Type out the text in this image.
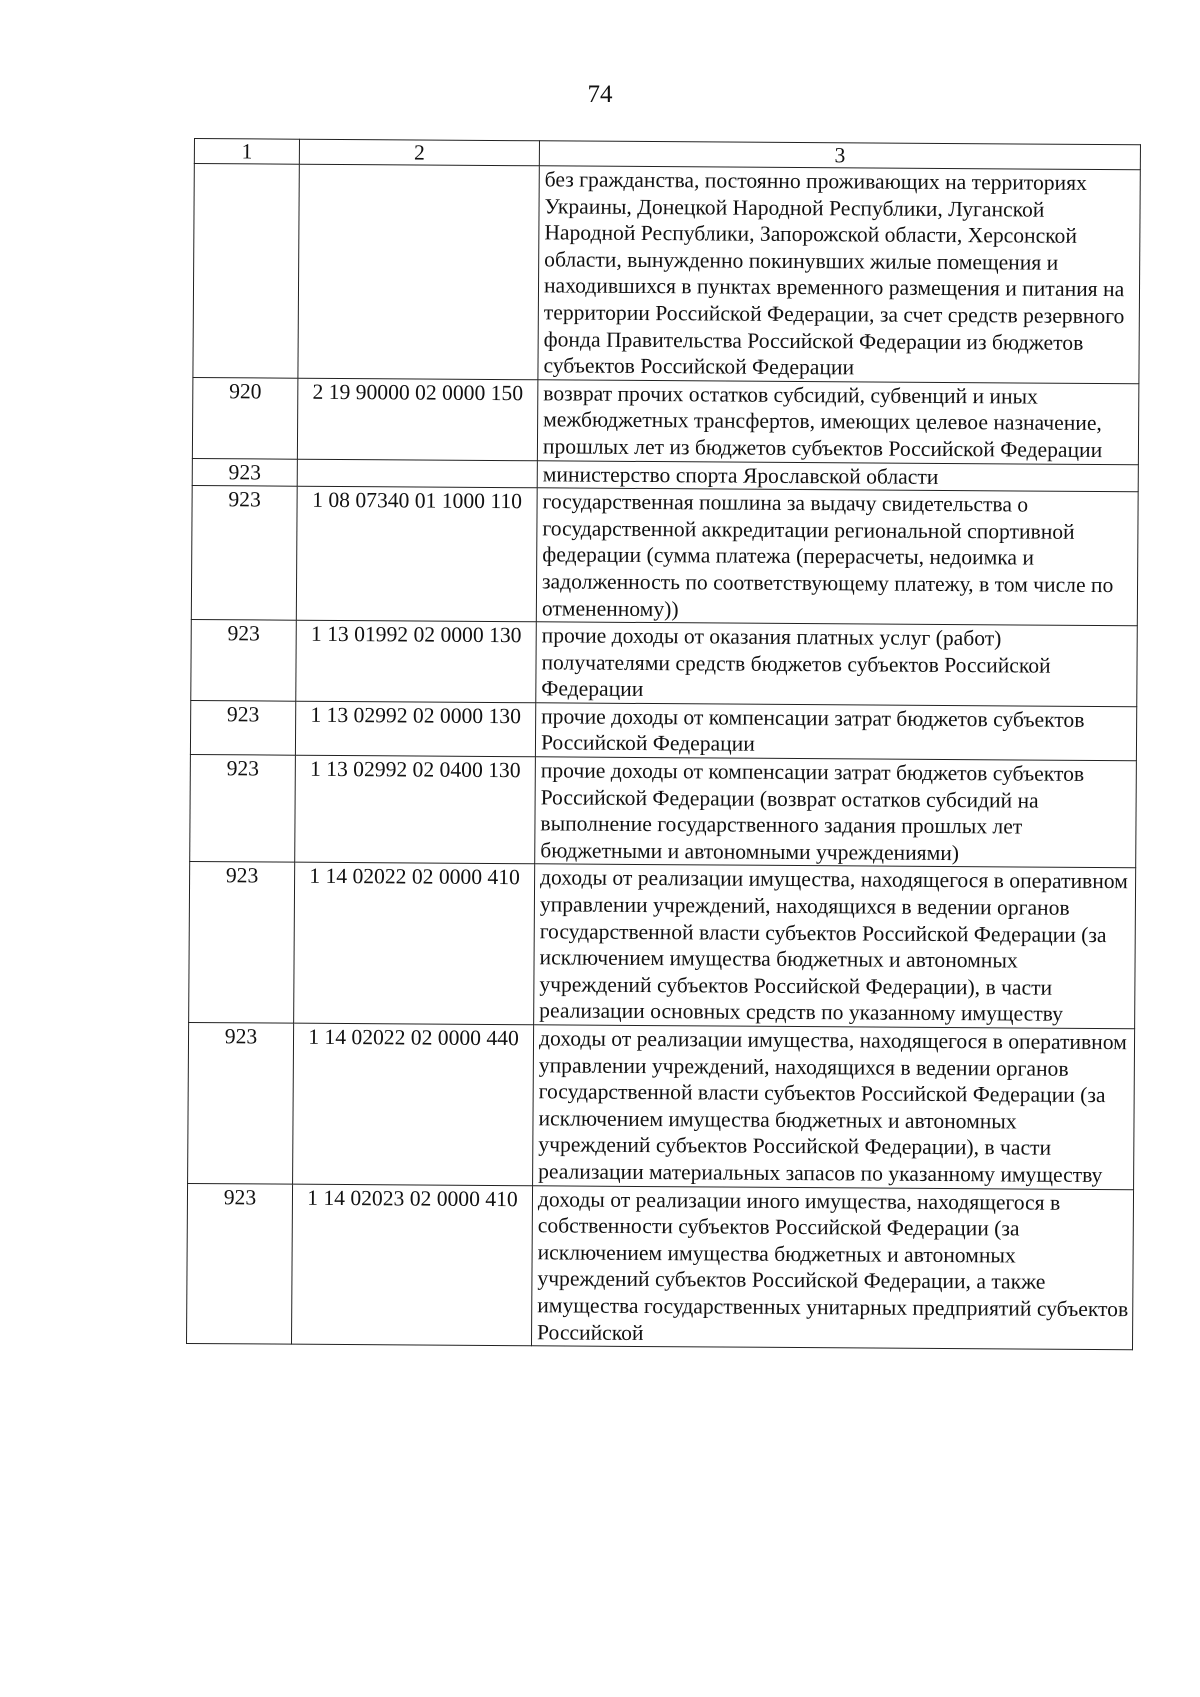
74
1	2	3
		без гражданства, постоянно проживающих на территориях Украины, Донецкой Народной Республики, Луганской Народной Республики, Запорожской области, Херсонской области, вынужденно покинувших жилые помещения и находившихся в пунктах временного размещения и питания на территории Российской Федерации, за счет средств резервного фонда Правительства Российской Федерации из бюджетов субъектов Российской Федерации
920	2 19 90000 02 0000 150	возврат прочих остатков субсидий, субвенций и иных межбюджетных трансфертов, имеющих целевое назначение, прошлых лет из бюджетов субъектов Российской Федерации
923		министерство спорта Ярославской области
923	1 08 07340 01 1000 110	государственная пошлина за выдачу свидетельства о государственной аккредитации региональной спортивной федерации (сумма платежа (перерасчеты, недоимка и задолженность по соответствующему платежу, в том числе по отмененному))
923	1 13 01992 02 0000 130	прочие доходы от оказания платных услуг (работ) получателями средств бюджетов субъектов Российской Федерации
923	1 13 02992 02 0000 130	прочие доходы от компенсации затрат бюджетов субъектов Российской Федерации
923	1 13 02992 02 0400 130	прочие доходы от компенсации затрат бюджетов субъектов Российской Федерации (возврат остатков субсидий на выполнение государственного задания прошлых лет бюджетными и автономными учреждениями)
923	1 14 02022 02 0000 410	доходы от реализации имущества, находящегося в оперативном управлении учреждений, находящихся в ведении органов государственной власти субъектов Российской Федерации (за исключением имущества бюджетных и автономных учреждений субъектов Российской Федерации), в части реализации основных средств по указанному имуществу
923	1 14 02022 02 0000 440	доходы от реализации имущества, находящегося в оперативном управлении учреждений, находящихся в ведении органов государственной власти субъектов Российской Федерации (за исключением имущества бюджетных и автономных учреждений субъектов Российской Федерации), в части реализации материальных запасов по указанному имуществу
923	1 14 02023 02 0000 410	доходы от реализации иного имущества, находящегося в собственности субъектов Российской Федерации (за исключением имущества бюджетных и автономных учреждений субъектов Российской Федерации, а также имущества государственных унитарных предприятий субъектов Российской
